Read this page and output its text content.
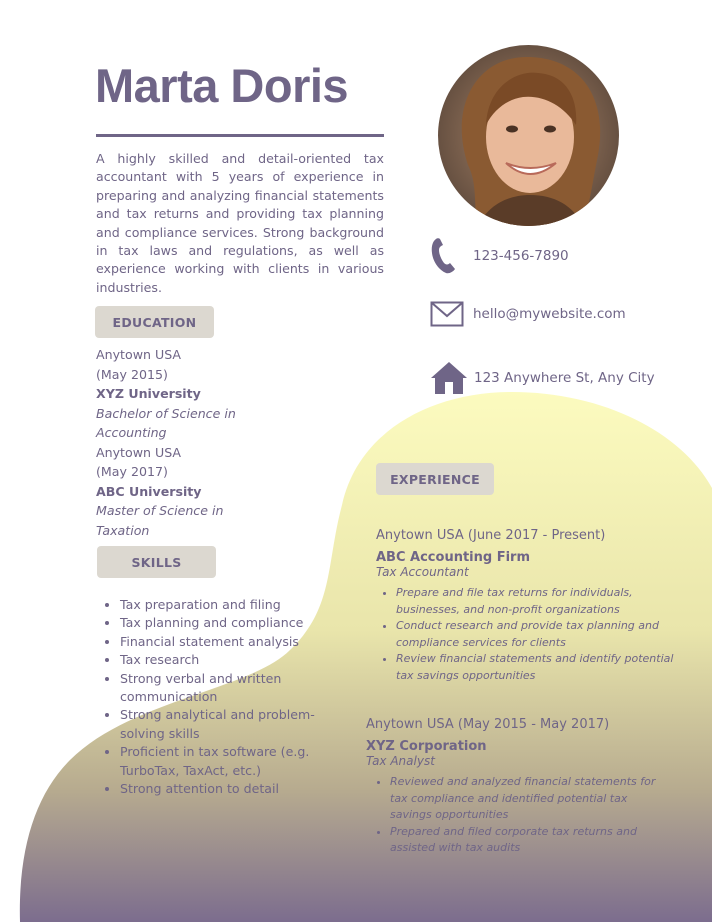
Marta Doris

A highly skilled and detail-oriented tax accountant with 5 years of experience in preparing and analyzing financial statements and tax returns and providing tax planning and compliance services. Strong background in tax laws and regulations, as well as experience working with clients in various industries.

EDUCATION
Anytown USA
(May 2015)
XYZ University
Bachelor of Science in
Accounting
Anytown USA
(May 2017)
ABC University
Master of Science in
Taxation
SKILLS
• Tax preparation and filing
• Tax planning and compliance
• Financial statement analysis
• Tax research
• Strong verbal and written communication
• Strong analytical and problem-solving skills
• Proficient in tax software (e.g. TurboTax, TaxAct, etc.)
• Strong attention to detail
123-456-7890
hello@mywebsite.com
123 Anywhere St, Any City
EXPERIENCE
Anytown USA (June 2017 - Present)
ABC Accounting Firm
Tax Accountant
• Prepare and file tax returns for individuals, businesses, and non-profit organizations
• Conduct research and provide tax planning and compliance services for clients
• Review financial statements and identify potential tax savings opportunities
Anytown USA (May 2015 - May 2017)
XYZ Corporation
Tax Analyst
• Reviewed and analyzed financial statements for tax compliance and identified potential tax savings opportunities
• Prepared and filed corporate tax returns and assisted with tax audits
